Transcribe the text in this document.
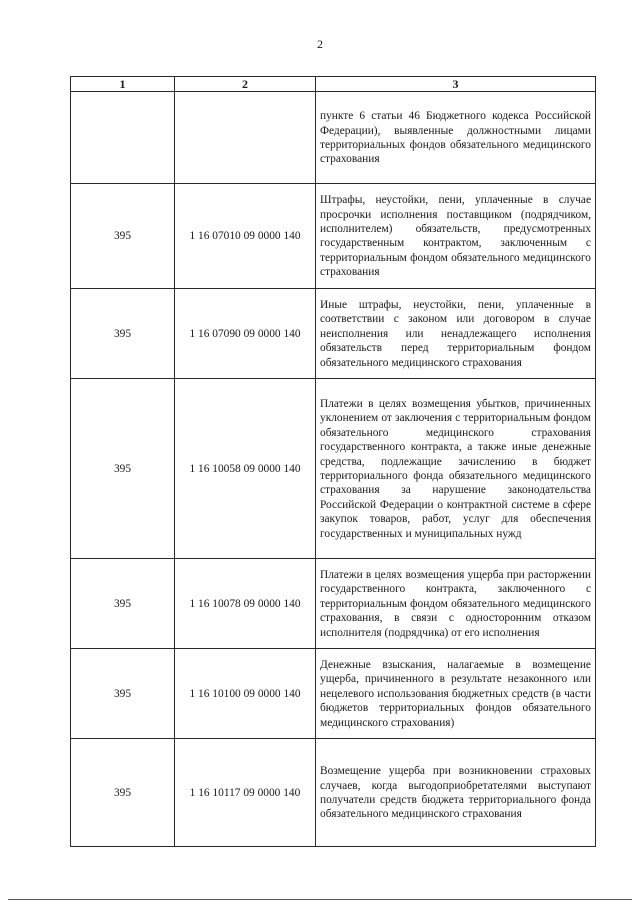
2
1	2	3
		пункте 6 статьи 46 Бюджетного кодекса Российской Федерации), выявленные должностными лицами территориальных фондов обязательного медицинского страхования
395	1 16 07010 09 0000 140	Штрафы, неустойки, пени, уплаченные в случае просрочки исполнения поставщиком (подрядчиком, исполнителем) обязательств, предусмотренных государственным контрактом, заключенным с территориальным фондом обязательного медицинского страхования
395	1 16 07090 09 0000 140	Иные штрафы, неустойки, пени, уплаченные в соответствии с законом или договором в случае неисполнения или ненадлежащего исполнения обязательств перед территориальным фондом обязательного медицинского страхования
395	1 16 10058 09 0000 140	Платежи в целях возмещения убытков, причиненных уклонением от заключения с территориальным фондом обязательного медицинского страхования государственного контракта, а также иные денежные средства, подлежащие зачислению в бюджет территориального фонда обязательного медицинского страхования за нарушение законодательства Российской Федерации о контрактной системе в сфере закупок товаров, работ, услуг для обеспечения государственных и муниципальных нужд
395	1 16 10078 09 0000 140	Платежи в целях возмещения ущерба при расторжении государственного контракта, заключенного с территориальным фондом обязательного медицинского страхования, в связи с односторонним отказом исполнителя (подрядчика) от его исполнения
395	1 16 10100 09 0000 140	Денежные взыскания, налагаемые в возмещение ущерба, причиненного в результате незаконного или нецелевого использования бюджетных средств (в части бюджетов территориальных фондов обязательного медицинского страхования)
395	1 16 10117 09 0000 140	Возмещение ущерба при возникновении страховых случаев, когда выгодоприобретателями выступают получатели средств бюджета территориального фонда обязательного медицинского страхования
